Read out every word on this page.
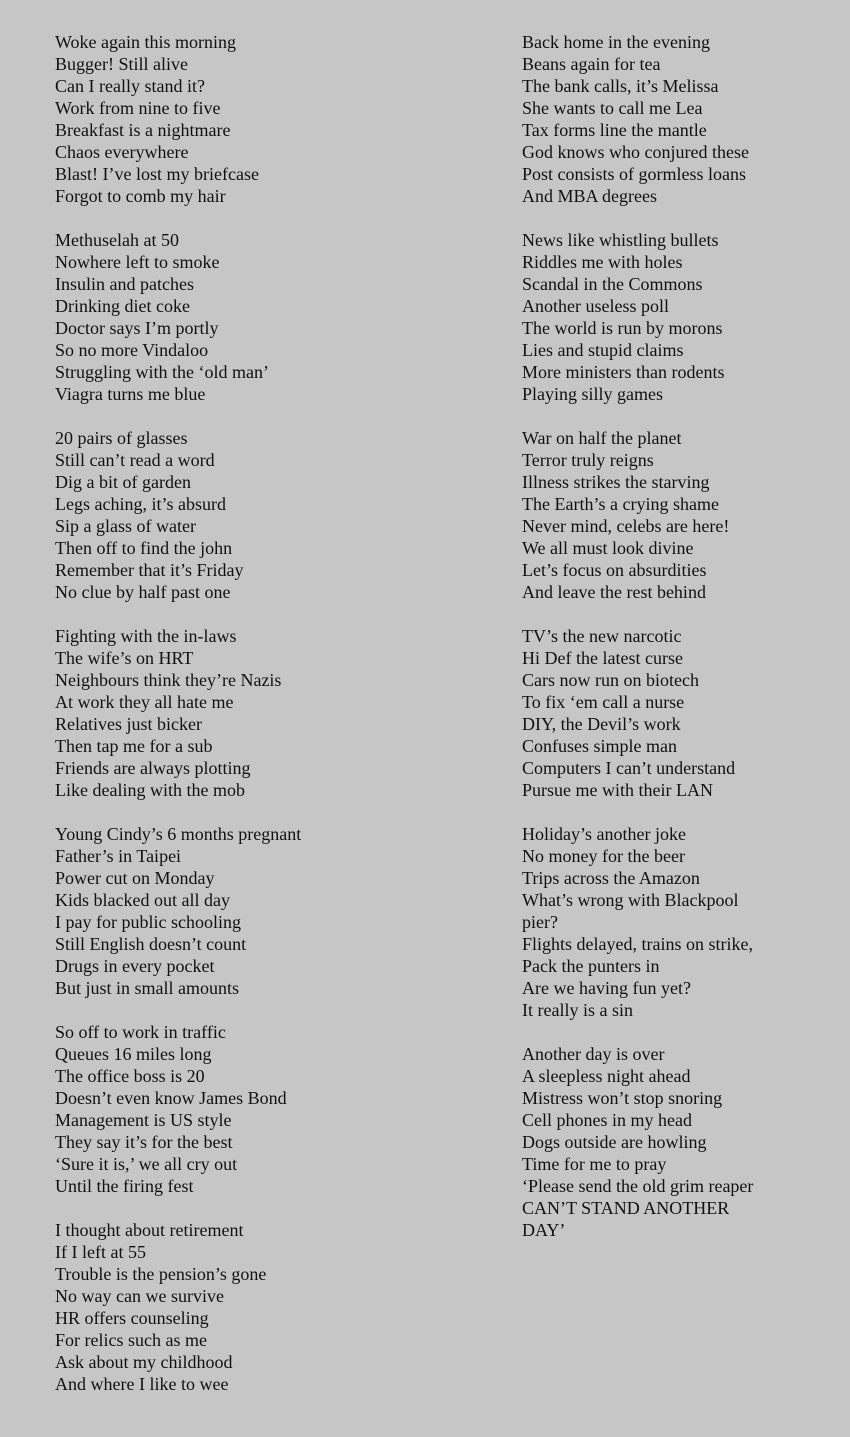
Woke again this morning
Bugger! Still alive
Can I really stand it?
Work from nine to five
Breakfast is a nightmare
Chaos everywhere
Blast! I’ve lost my briefcase
Forgot to comb my hair
Methuselah at 50
Nowhere left to smoke
Insulin and patches
Drinking diet coke
Doctor says I’m portly
So no more Vindaloo
Struggling with the ‘old man’
Viagra turns me blue
20 pairs of glasses
Still can’t read a word
Dig a bit of garden
Legs aching, it’s absurd
Sip a glass of water
Then off to find the john
Remember that it’s Friday
No clue by half past one
Fighting with the in-laws
The wife’s on HRT
Neighbours think they’re Nazis
At work they all hate me
Relatives just bicker
Then tap me for a sub
Friends are always plotting
Like dealing with the mob
Young Cindy’s 6 months pregnant
Father’s in Taipei
Power cut on Monday
Kids blacked out all day
I pay for public schooling
Still English doesn’t count
Drugs in every pocket
But just in small amounts
So off to work in traffic
Queues 16 miles long
The office boss is 20
Doesn’t even know James Bond
Management is US style
They say it’s for the best
‘Sure it is,’ we all cry out
Until the firing fest
I thought about retirement
If I left at 55
Trouble is the pension’s gone
No way can we survive
HR offers counseling
For relics such as me
Ask about my childhood
And where I like to wee
Back home in the evening
Beans again for tea
The bank calls, it’s Melissa
She wants to call me Lea
Tax forms line the mantle
God knows who conjured these
Post consists of gormless loans
And MBA degrees
News like whistling bullets
Riddles me with holes
Scandal in the Commons
Another useless poll
The world is run by morons
Lies and stupid claims
More ministers than rodents
Playing silly games
War on half the planet
Terror truly reigns
Illness strikes the starving
The Earth’s a crying shame
Never mind, celebs are here!
We all must look divine
Let’s focus on absurdities
And leave the rest behind
TV’s the new narcotic
Hi Def the latest curse
Cars now run on biotech
To fix ‘em call a nurse
DIY, the Devil’s work
Confuses simple man
Computers I can’t understand
Pursue me with their LAN
Holiday’s another joke
No money for the beer
Trips across the Amazon
What’s wrong with Blackpool
pier?
Flights delayed, trains on strike,
Pack the punters in
Are we having fun yet?
It really is a sin
Another day is over
A sleepless night ahead
Mistress won’t stop snoring
Cell phones in my head
Dogs outside are howling
Time for me to pray
‘Please send the old grim reaper
CAN’T STAND ANOTHER
DAY’
